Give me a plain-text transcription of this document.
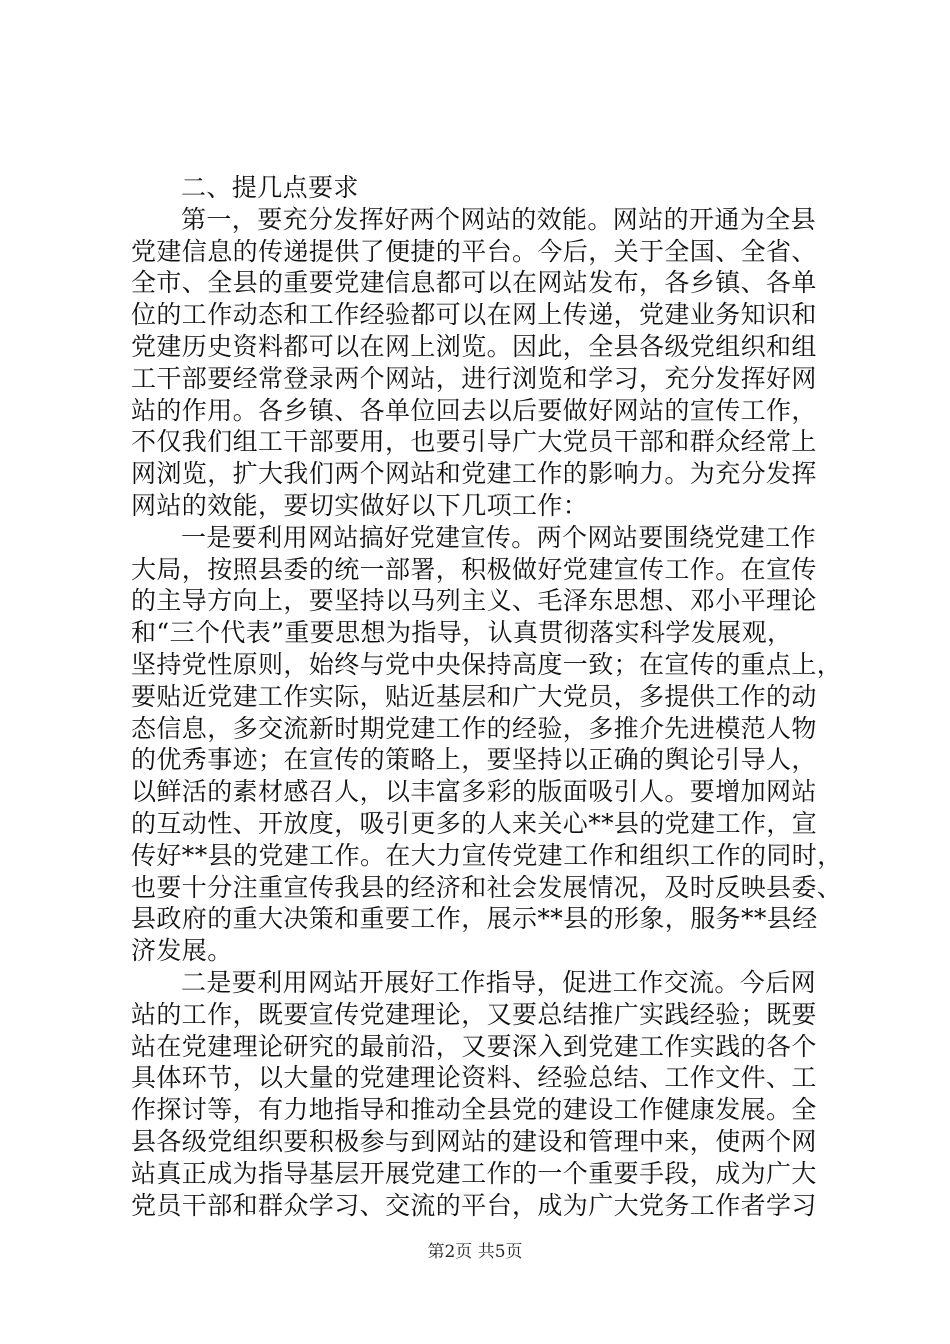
二、提几点要求
第一，要充分发挥好两个网站的效能。网站的开通为全县
党建信息的传递提供了便捷的平台。今后，关于全国、全省、
全市、全县的重要党建信息都可以在网站发布，各乡镇、各单
位的工作动态和工作经验都可以在网上传递，党建业务知识和
党建历史资料都可以在网上浏览。因此，全县各级党组织和组
工干部要经常登录两个网站，进行浏览和学习，充分发挥好网
站的作用。各乡镇、各单位回去以后要做好网站的宣传工作，
不仅我们组工干部要用，也要引导广大党员干部和群众经常上
网浏览，扩大我们两个网站和党建工作的影响力。为充分发挥
网站的效能，要切实做好以下几项工作：
一是要利用网站搞好党建宣传。两个网站要围绕党建工作
大局，按照县委的统一部署，积极做好党建宣传工作。在宣传
的主导方向上，要坚持以马列主义、毛泽东思想、邓小平理论
和“三个代表”重要思想为指导，认真贯彻落实科学发展观，
坚持党性原则，始终与党中央保持高度一致；在宣传的重点上，
要贴近党建工作实际，贴近基层和广大党员，多提供工作的动
态信息，多交流新时期党建工作的经验，多推介先进模范人物
的优秀事迹；在宣传的策略上，要坚持以正确的舆论引导人，
以鲜活的素材感召人，以丰富多彩的版面吸引人。要增加网站
的互动性、开放度，吸引更多的人来关心**县的党建工作，宣
传好**县的党建工作。在大力宣传党建工作和组织工作的同时，
也要十分注重宣传我县的经济和社会发展情况，及时反映县委、
县政府的重大决策和重要工作，展示**县的形象，服务**县经
济发展。
二是要利用网站开展好工作指导，促进工作交流。今后网
站的工作，既要宣传党建理论，又要总结推广实践经验；既要
站在党建理论研究的最前沿，又要深入到党建工作实践的各个
具体环节，以大量的党建理论资料、经验总结、工作文件、工
作探讨等，有力地指导和推动全县党的建设工作健康发展。全
县各级党组织要积极参与到网站的建设和管理中来，使两个网
站真正成为指导基层开展党建工作的一个重要手段，成为广大
党员干部和群众学习、交流的平台，成为广大党务工作者学习
第2页 共5页
